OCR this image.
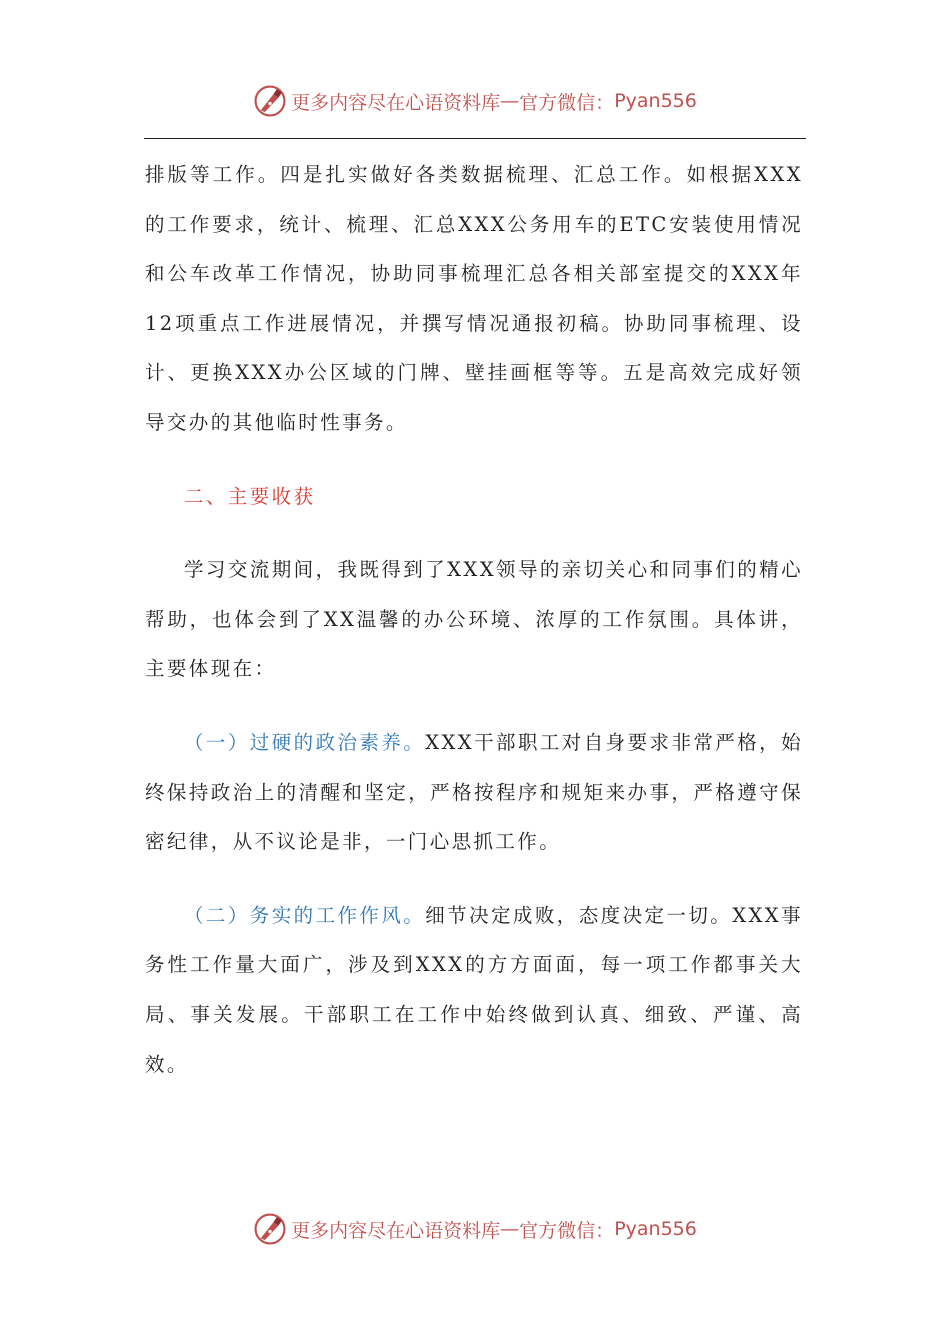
更多内容尽在心语资料库 — 官方微信： Pyan556

排版等工作。四是扎实做好各类数据梳理、汇总工作。如根据XXX的工作要求，统计、梳理、汇总XXX公务用车的ETC安装使用情况和公车改革工作情况，协助同事梳理汇总各相关部室提交的XXX年12项重点工作进展情况，并撰写情况通报初稿。协助同事梳理、设计、更换XXX办公区域的门牌、壁挂画框等等。五是高效完成好领导交办的其他临时性事务。

二、主要收获

学习交流期间，我既得到了XXX领导的亲切关心和同事们的精心帮助，也体会到了XX温馨的办公环境、浓厚的工作氛围。具体讲，主要体现在：

（一）过硬的政治素养。XXX干部职工对自身要求非常严格，始终保持政治上的清醒和坚定，严格按程序和规矩来办事，严格遵守保密纪律，从不议论是非，一门心思抓工作。

（二）务实的工作作风。细节决定成败，态度决定一切。XXX事务性工作量大面广，涉及到XXX的方方面面，每一项工作都事关大局、事关发展。干部职工在工作中始终做到认真、细致、严谨、高效。

更多内容尽在心语资料库 — 官方微信： Pyan556
